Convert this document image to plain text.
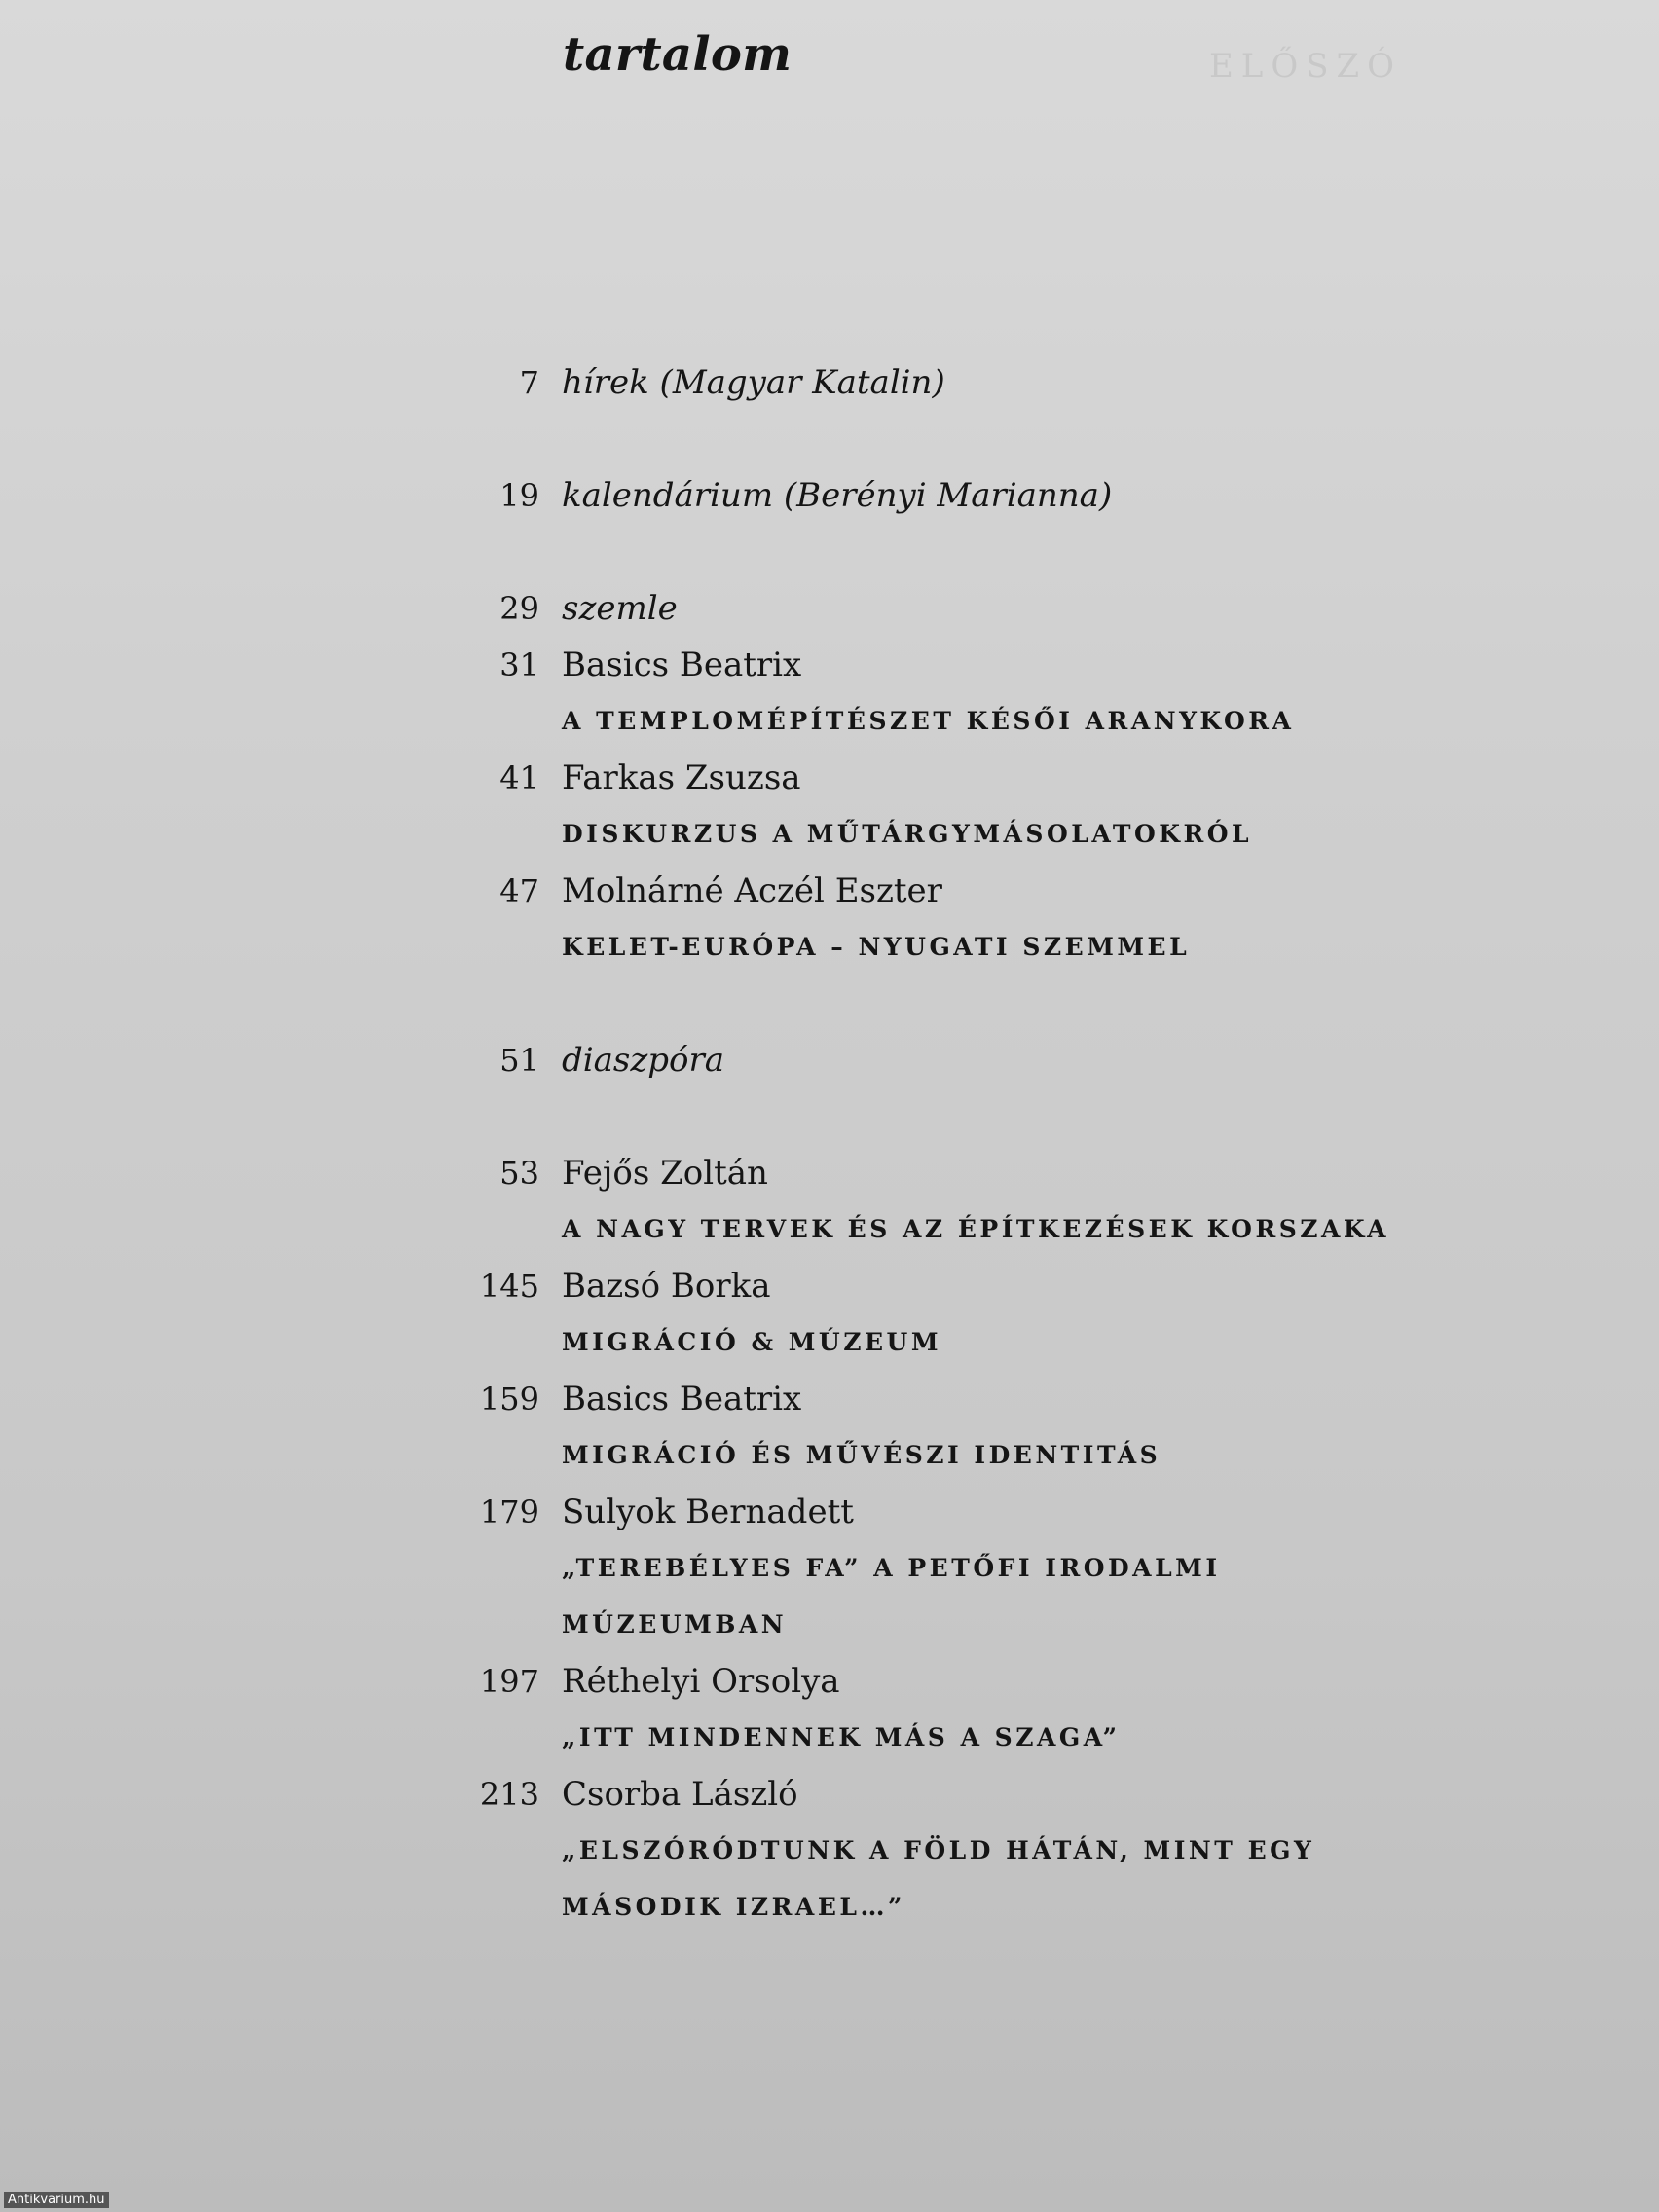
ELŐSZÓ
tartalom
7 hírek (Magyar Katalin)
19 kalendárium (Berényi Marianna)
29 szemle
31 Basics Beatrix
A TEMPLOMÉPÍTÉSZET KÉSŐI ARANYKORA
41 Farkas Zsuzsa
DISKURZUS A MŰTÁRGYMÁSOLATOKRÓL
47 Molnárné Aczél Eszter
KELET-EURÓPA – NYUGATI SZEMMEL
51 diaszpóra
53 Fejős Zoltán
A NAGY TERVEK ÉS AZ ÉPÍTKEZÉSEK KORSZAKA
145 Bazsó Borka
MIGRÁCIÓ & MÚZEUM
159 Basics Beatrix
MIGRÁCIÓ ÉS MŰVÉSZI IDENTITÁS
179 Sulyok Bernadett
„TEREBÉLYES FA” A PETŐFI IRODALMI
MÚZEUMBAN
197 Réthelyi Orsolya
„ITT MINDENNEK MÁS A SZAGA”
213 Csorba László
„ELSZÓRÓDTUNK A FÖLD HÁTÁN, MINT EGY
MÁSODIK IZRAEL…”
Antikvarium.hu
